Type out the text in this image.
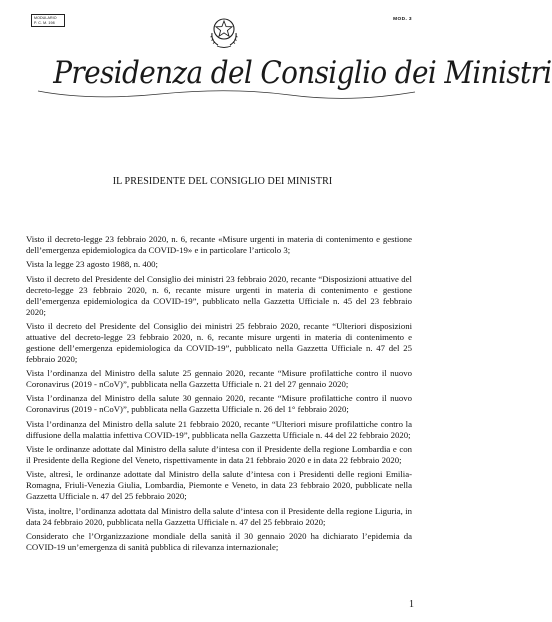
MODULARIO
P. C. M. 198
MOD. 3
Presidenza del Consiglio dei Ministri
IL PRESIDENTE DEL CONSIGLIO DEI MINISTRI

Visto il decreto-legge 23 febbraio 2020, n. 6, recante «Misure urgenti in materia di contenimento e gestione dell’emergenza epidemiologica da COVID-19» e in particolare l’articolo 3;

Vista la legge 23 agosto 1988, n. 400;

Visto il decreto del Presidente del Consiglio dei ministri 23 febbraio 2020, recante “Disposizioni attuative del decreto-legge 23 febbraio 2020, n. 6, recante misure urgenti in materia di contenimento e gestione dell’emergenza epidemiologica da COVID-19”, pubblicato nella Gazzetta Ufficiale n. 45 del 23 febbraio 2020;

Visto il decreto del Presidente del Consiglio dei ministri 25 febbraio 2020, recante “Ulteriori disposizioni attuative del decreto-legge 23 febbraio 2020, n. 6, recante misure urgenti in materia di contenimento e gestione dell’emergenza epidemiologica da COVID-19”, pubblicato nella Gazzetta Ufficiale n. 47 del 25 febbraio 2020;

Vista l’ordinanza del Ministro della salute 25 gennaio 2020, recante “Misure profilattiche contro il nuovo Coronavirus (2019 - nCoV)”, pubblicata nella Gazzetta Ufficiale n. 21 del 27 gennaio 2020;

Vista l’ordinanza del Ministro della salute 30 gennaio 2020, recante “Misure profilattiche contro il nuovo Coronavirus (2019 - nCoV)”, pubblicata nella Gazzetta Ufficiale n. 26 del 1° febbraio 2020;

Vista l’ordinanza del Ministro della salute 21 febbraio 2020, recante “Ulteriori misure profilattiche contro la diffusione della malattia infettiva COVID-19”, pubblicata nella Gazzetta Ufficiale n. 44 del 22 febbraio 2020;

Viste le ordinanze adottate dal Ministro della salute d’intesa con il Presidente della regione Lombardia e con il Presidente della Regione del Veneto, rispettivamente in data 21 febbraio 2020 e in data 22 febbraio 2020;

Viste, altresì, le ordinanze adottate dal Ministro della salute d’intesa con i Presidenti delle regioni Emilia-Romagna, Friuli-Venezia Giulia, Lombardia, Piemonte e Veneto, in data 23 febbraio 2020, pubblicate nella Gazzetta Ufficiale n. 47 del 25 febbraio 2020;

Vista, inoltre, l’ordinanza adottata dal Ministro della salute d’intesa con il Presidente della regione Liguria, in data 24 febbraio 2020, pubblicata nella Gazzetta Ufficiale n. 47 del 25 febbraio 2020;

Considerato che l’Organizzazione mondiale della sanità il 30 gennaio 2020 ha dichiarato l’epidemia da COVID-19 un’emergenza di sanità pubblica di rilevanza internazionale;

1
